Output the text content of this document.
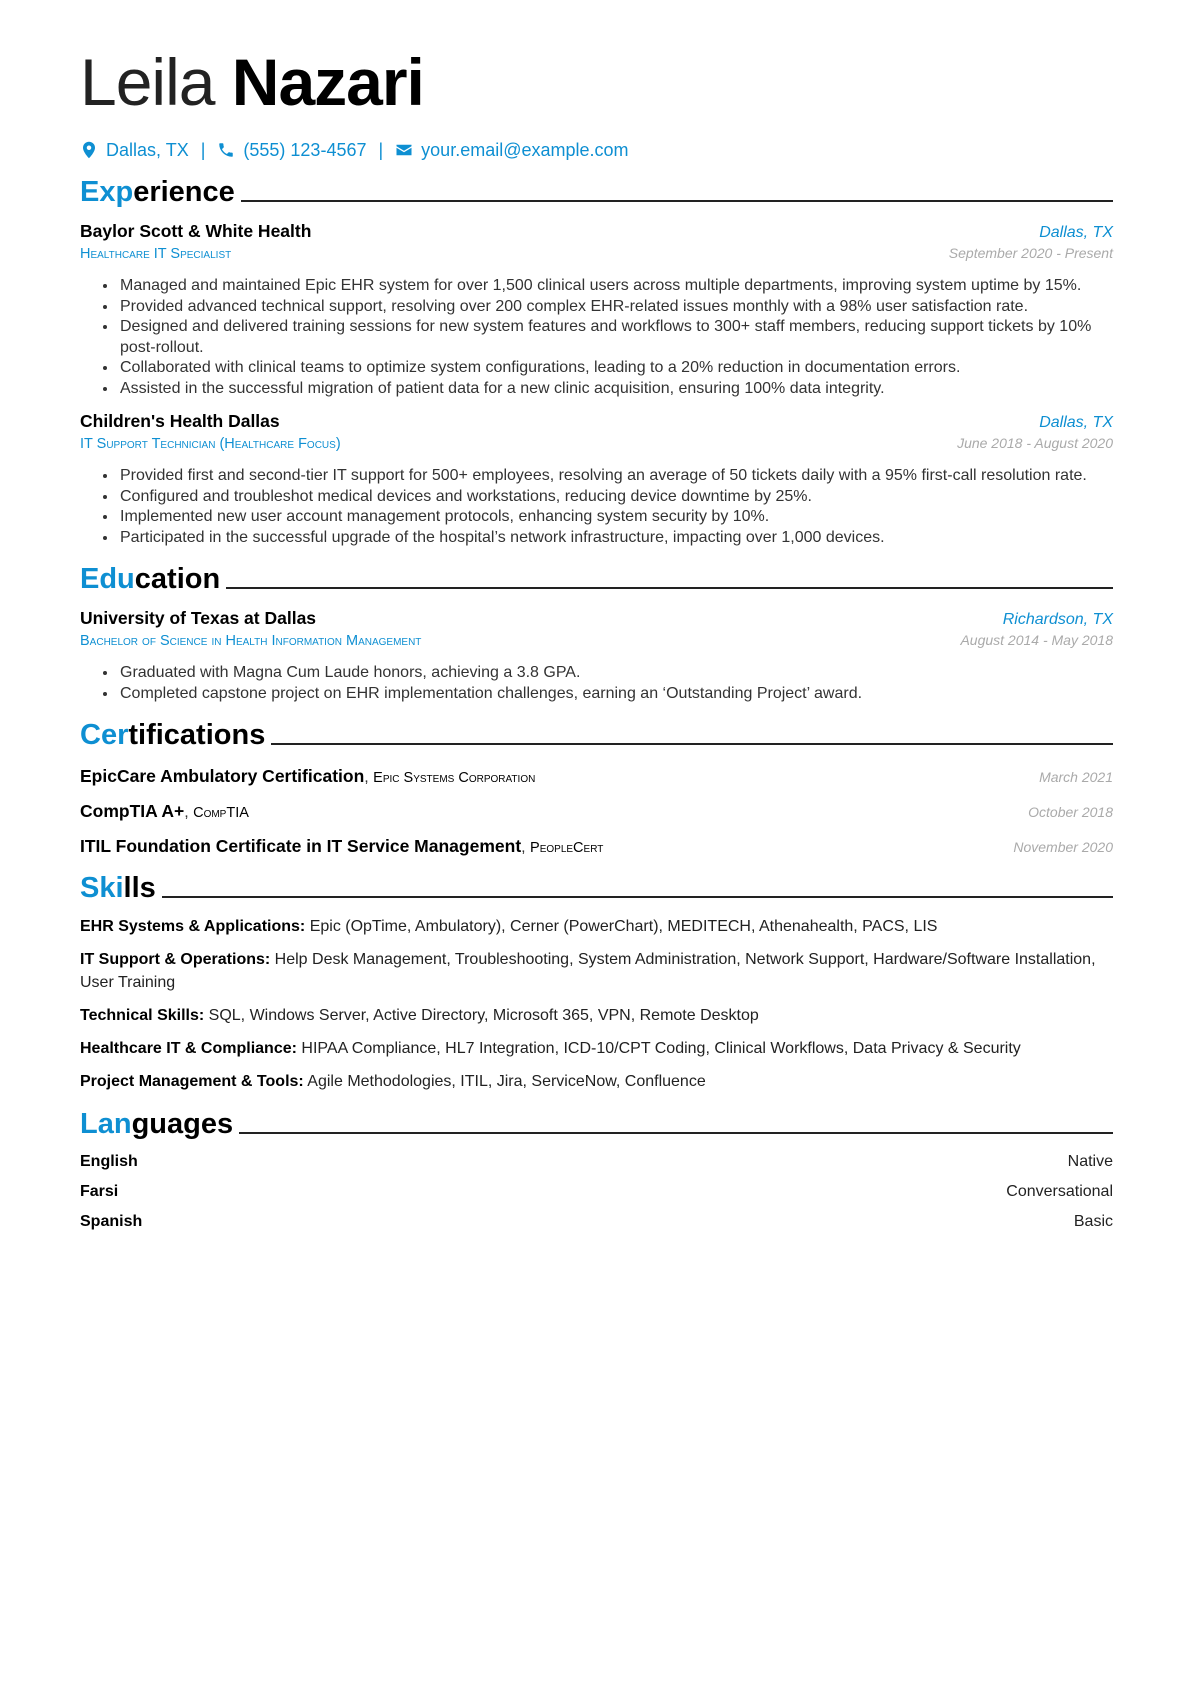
Leila Nazari
Dallas, TX |	(555) 123-4567 |	your.email@example.com
Experience
Baylor Scott & White Health	Dallas, TX
Healthcare IT Specialist	September 2020 - Present
• Managed and maintained Epic EHR system for over 1,500 clinical users across multiple departments, improving system uptime by 15%.
• Provided advanced technical support, resolving over 200 complex EHR-related issues monthly with a 98% user satisfaction rate.
• Designed and delivered training sessions for new system features and workflows to 300+ staff members, reducing support tickets by 10% post-rollout.
• Collaborated with clinical teams to optimize system configurations, leading to a 20% reduction in documentation errors.
• Assisted in the successful migration of patient data for a new clinic acquisition, ensuring 100% data integrity.
Children's Health Dallas	Dallas, TX
IT Support Technician (Healthcare Focus)	June 2018 - August 2020
• Provided first and second-tier IT support for 500+ employees, resolving an average of 50 tickets daily with a 95% first-call resolution rate.
• Configured and troubleshot medical devices and workstations, reducing device downtime by 25%.
• Implemented new user account management protocols, enhancing system security by 10%.
• Participated in the successful upgrade of the hospital’s network infrastructure, impacting over 1,000 devices.
Education
University of Texas at Dallas	Richardson, TX
Bachelor of Science in Health Information Management	August 2014 - May 2018
• Graduated with Magna Cum Laude honors, achieving a 3.8 GPA.
• Completed capstone project on EHR implementation challenges, earning an ‘Outstanding Project’ award.
Certifications
EpicCare Ambulatory Certification, Epic Systems Corporation	March 2021
CompTIA A+, CompTIA	October 2018
ITIL Foundation Certificate in IT Service Management, PeopleCert	November 2020
Skills
EHR Systems & Applications: Epic (OpTime, Ambulatory), Cerner (PowerChart), MEDITECH, Athenahealth, PACS, LIS
IT Support & Operations: Help Desk Management, Troubleshooting, System Administration, Network Support, Hardware/Software Installation, User Training
Technical Skills: SQL, Windows Server, Active Directory, Microsoft 365, VPN, Remote Desktop
Healthcare IT & Compliance: HIPAA Compliance, HL7 Integration, ICD-10/CPT Coding, Clinical Workflows, Data Privacy & Security
Project Management & Tools: Agile Methodologies, ITIL, Jira, ServiceNow, Confluence
Languages
English	Native
Farsi	Conversational
Spanish	Basic
